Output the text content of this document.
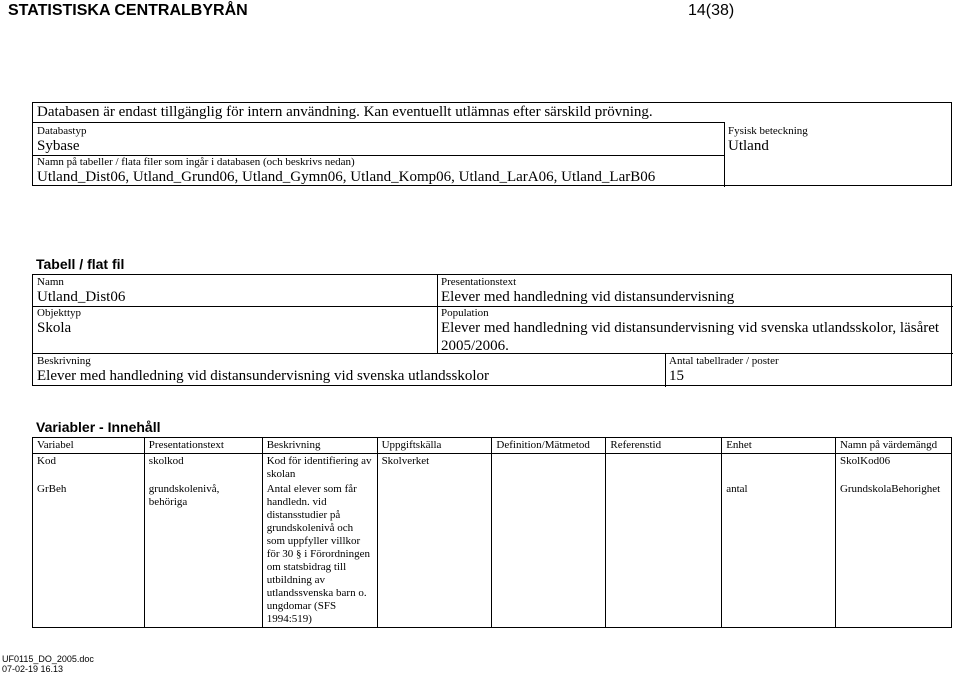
STATISTISKA CENTRALBYRÅN	14(38)
Databasen är endast tillgänglig för intern användning. Kan eventuellt utlämnas efter särskild prövning.
Databastyp
Sybase
Fysisk beteckning
Utland
Namn på tabeller / flata filer som ingår i databasen (och beskrivs nedan)
Utland_Dist06, Utland_Grund06, Utland_Gymn06, Utland_Komp06, Utland_LarA06, Utland_LarB06
Tabell / flat fil
Namn
Utland_Dist06
Presentationstext
Elever med handledning vid distansundervisning
Objekttyp
Skola
Population
Elever med handledning vid distansundervisning vid svenska utlandsskolor, läsåret
2005/2006.
Beskrivning
Elever med handledning vid distansundervisning vid svenska utlandsskolor
Antal tabellrader / poster
15
Variabler - Innehåll
Variabel	Presentationstext	Beskrivning	Uppgiftskälla	Definition/Mätmetod	Referenstid	Enhet	Namn på värdemängd
Kod	skolkod	Kod för identifiering av skolan	Skolverket				SkolKod06
GrBeh	grundskolenivå, behöriga	Antal elever som får handledn. vid distansstudier på grundskolenivå och som uppfyller villkor för 30 § i Förordningen om statsbidrag till utbildning av utlandssvenska barn o. ungdomar (SFS 1994:519)				antal	GrundskolaBehorighet
UF0115_DO_2005.doc
07-02-19 16.13
